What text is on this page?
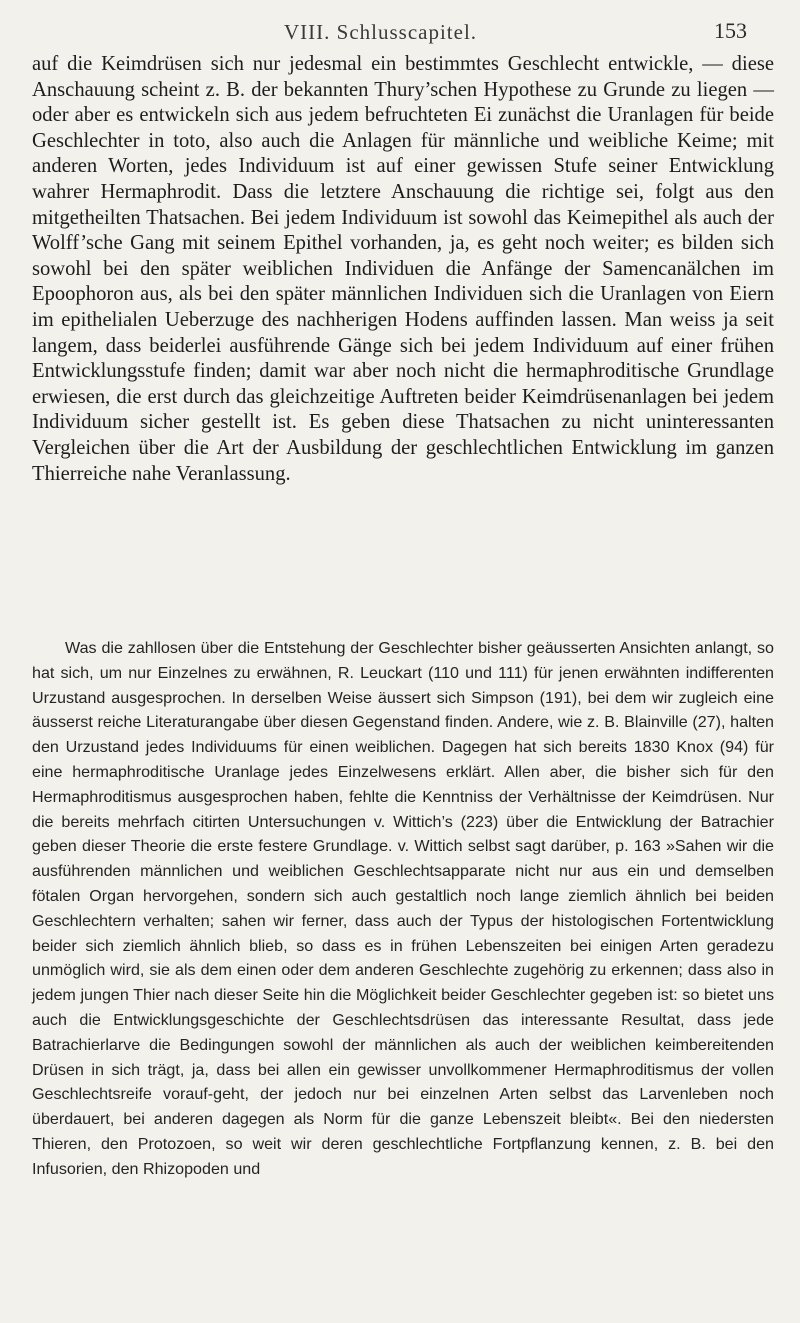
VIII. Schlusscapitel.	153

auf die Keimdrüsen sich nur jedesmal ein bestimmtes Geschlecht entwickle, — diese Anschauung scheint z. B. der bekannten Thury’schen Hypothese zu Grunde zu liegen — oder aber es entwickeln sich aus jedem befruchteten Ei zunächst die Uranlagen für beide Geschlechter in toto, also auch die Anlagen für männliche und weibliche Keime; mit anderen Worten, jedes Individuum ist auf einer gewissen Stufe seiner Entwicklung wahrer Hermaphrodit. Dass die letztere Anschauung die richtige sei, folgt aus den mitgetheilten Thatsachen. Bei jedem Individuum ist sowohl das Keimepithel als auch der Wolff’sche Gang mit seinem Epithel vorhanden, ja, es geht noch weiter; es bilden sich sowohl bei den später weiblichen Individuen die Anfänge der Samencanälchen im Epoophoron aus, als bei den später männlichen Individuen sich die Uranlagen von Eiern im epithelialen Ueberzuge des nachherigen Hodens auffinden lassen. Man weiss ja seit langem, dass beiderlei ausführende Gänge sich bei jedem Individuum auf einer frühen Entwicklungsstufe finden; damit war aber noch nicht die hermaphroditische Grundlage erwiesen, die erst durch das gleichzeitige Auftreten beider Keimdrüsenanlagen bei jedem Individuum sicher gestellt ist. Es geben diese Thatsachen zu nicht uninteressanten Vergleichen über die Art der Ausbildung der geschlechtlichen Entwicklung im ganzen Thierreiche nahe Veranlassung.

Was die zahllosen über die Entstehung der Geschlechter bisher geäusserten Ansichten anlangt, so hat sich, um nur Einzelnes zu erwähnen, R. Leuckart (110 und 111) für jenen erwähnten indifferenten Urzustand ausgesprochen. In derselben Weise äussert sich Simpson (191), bei dem wir zugleich eine äusserst reiche Literaturangabe über diesen Gegenstand finden. Andere, wie z. B. Blainville (27), halten den Urzustand jedes Individuums für einen weiblichen. Dagegen hat sich bereits 1830 Knox (94) für eine hermaphroditische Uranlage jedes Einzelwesens erklärt. Allen aber, die bisher sich für den Hermaphroditismus ausgesprochen haben, fehlte die Kenntniss der Verhältnisse der Keimdrüsen. Nur die bereits mehrfach citirten Untersuchungen v. Wittich’s (223) über die Entwicklung der Batrachier geben dieser Theorie die erste festere Grundlage. v. Wittich selbst sagt darüber, p. 163 »Sahen wir die ausführenden männlichen und weiblichen Geschlechtsapparate nicht nur aus ein und demselben fötalen Organ hervorgehen, sondern sich auch gestaltlich noch lange ziemlich ähnlich bei beiden Geschlechtern verhalten; sahen wir ferner, dass auch der Typus der histologischen Fortentwicklung beider sich ziemlich ähnlich blieb, so dass es in frühen Lebenszeiten bei einigen Arten geradezu unmöglich wird, sie als dem einen oder dem anderen Geschlechte zugehörig zu erkennen; dass also in jedem jungen Thier nach dieser Seite hin die Möglichkeit beider Geschlechter gegeben ist: so bietet uns auch die Entwicklungsgeschichte der Geschlechtsdrüsen das interessante Resultat, dass jede Batrachierlarve die Bedingungen sowohl der männlichen als auch der weiblichen keimbereitenden Drüsen in sich trägt, ja, dass bei allen ein gewisser unvollkommener Hermaphroditismus der vollen Geschlechtsreife vorauf-geht, der jedoch nur bei einzelnen Arten selbst das Larvenleben noch überdauert, bei anderen dagegen als Norm für die ganze Lebenszeit bleibt«. Bei den niedersten Thieren, den Protozoen, so weit wir deren geschlechtliche Fortpflanzung kennen, z. B. bei den Infusorien, den Rhizopoden und
